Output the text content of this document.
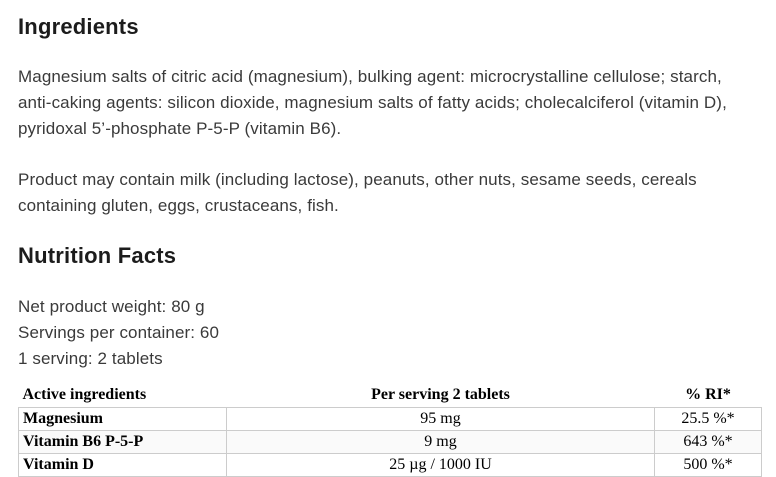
Ingredients

Magnesium salts of citric acid (magnesium), bulking agent: microcrystalline cellulose; starch, anti-caking agents: silicon dioxide, magnesium salts of fatty acids; cholecalciferol (vitamin D), pyridoxal 5’-phosphate P-5-P (vitamin B6).

Product may contain milk (including lactose), peanuts, other nuts, sesame seeds, cereals containing gluten, eggs, crustaceans, fish.

Nutrition Facts
Net product weight: 80 g
Servings per container: 60
1 serving: 2 tablets
Active ingredients	Per serving 2 tablets	% RI*
Magnesium	95 mg	25.5 %*
Vitamin B6 P-5-P	9 mg	643 %*
Vitamin D	25 µg / 1000 IU	500 %*
